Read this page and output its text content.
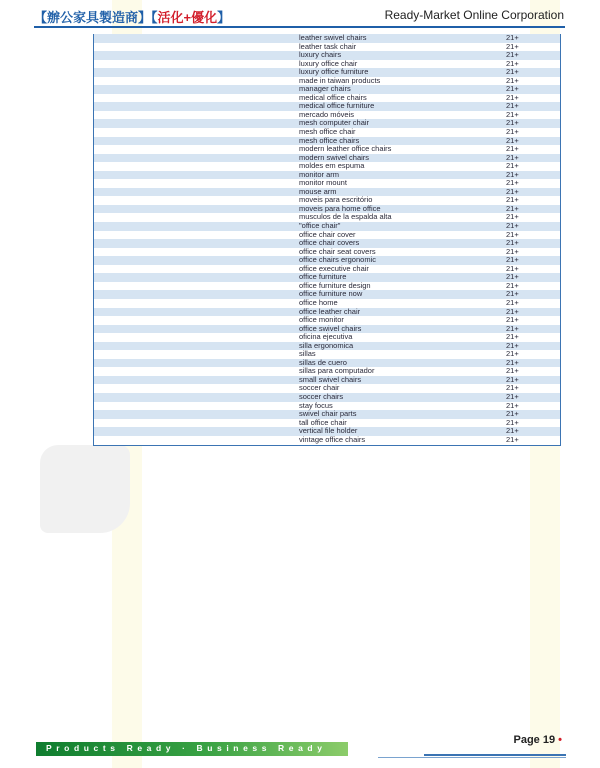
【辦公家具製造商】【活化+優化】	Ready-Market Online Corporation
leather swivel chairs	21+
leather task chair	21+
luxury chairs	21+
luxury office chair	21+
luxury office furniture	21+
made in taiwan products	21+
manager chairs	21+
medical office chairs	21+
medical office furniture	21+
mercado móveis	21+
mesh computer chair	21+
mesh office chair	21+
mesh office chairs	21+
modern leather office chairs	21+
modern swivel chairs	21+
moldes em espuma	21+
monitor arm	21+
monitor mount	21+
mouse arm	21+
moveis para escritório	21+
moveis para home office	21+
musculos de la espalda alta	21+
"office chair"	21+
office chair cover	21+
office chair covers	21+
office chair seat covers	21+
office chairs ergonomic	21+
office executive chair	21+
office furniture	21+
office furniture design	21+
office furniture now	21+
office home	21+
office leather chair	21+
office monitor	21+
office swivel chairs	21+
oficina ejecutiva	21+
silla ergonomica	21+
sillas	21+
sillas de cuero	21+
sillas para computador	21+
small swivel chairs	21+
soccer chair	21+
soccer chairs	21+
stay focus	21+
swivel chair parts	21+
tall office chair	21+
vertical file holder	21+
vintage office chairs	21+
Products Ready · Business Ready
Page 19 •
